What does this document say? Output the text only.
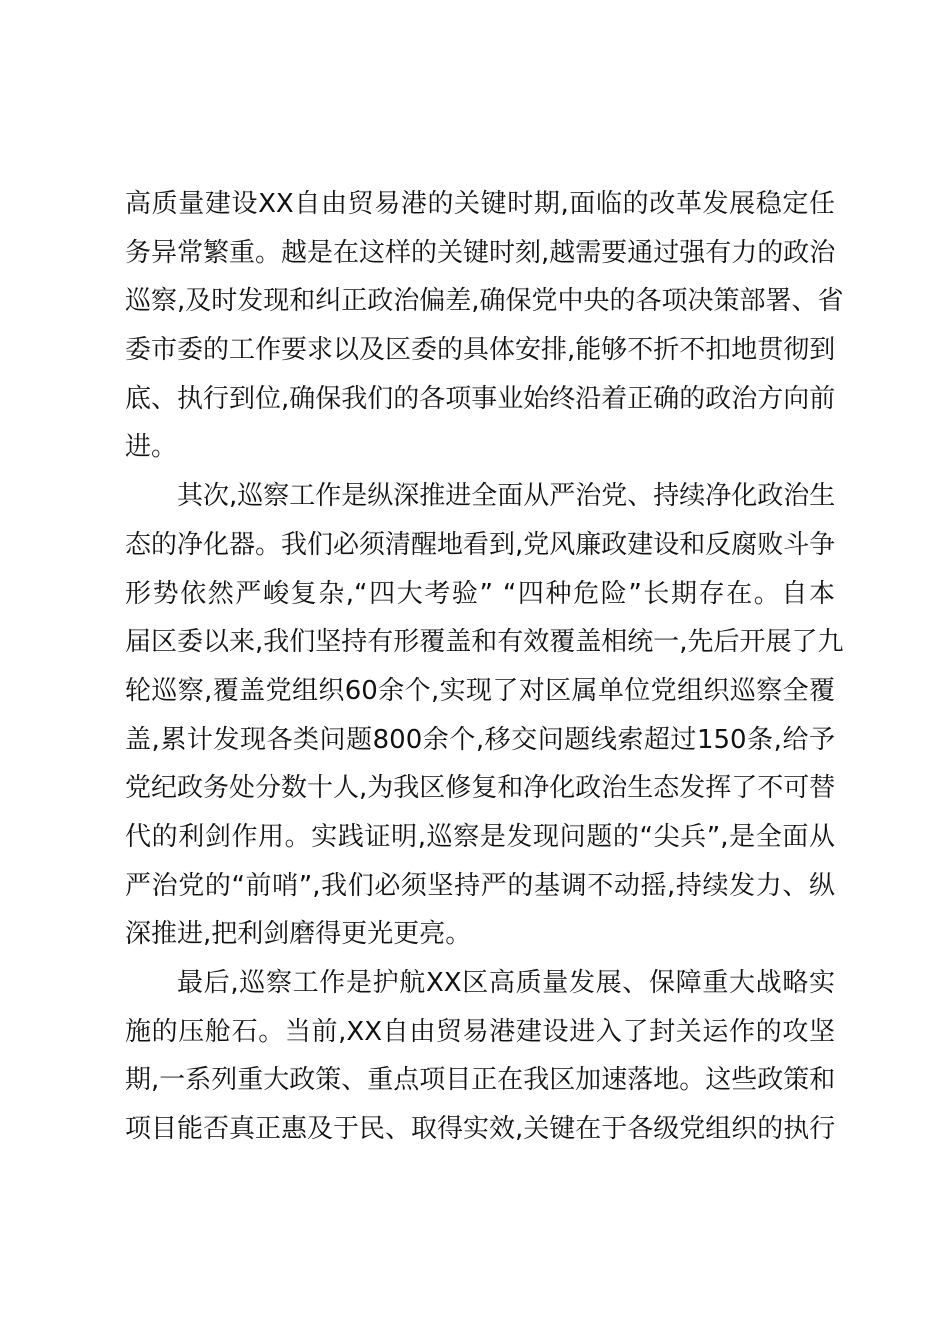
高质量建设XX自由贸易港的关键时期,面临的改革发展稳定任
务异常繁重。越是在这样的关键时刻,越需要通过强有力的政治
巡察,及时发现和纠正政治偏差,确保党中央的各项决策部署、省
委市委的工作要求以及区委的具体安排,能够不折不扣地贯彻到
底、执行到位,确保我们的各项事业始终沿着正确的政治方向前
进。
其次,巡察工作是纵深推进全面从严治党、持续净化政治生
态的净化器。我们必须清醒地看到,党风廉政建设和反腐败斗争
形势依然严峻复杂,“四大考验” “四种危险”长期存在。自本
届区委以来,我们坚持有形覆盖和有效覆盖相统一,先后开展了九
轮巡察,覆盖党组织60余个,实现了对区属单位党组织巡察全覆
盖,累计发现各类问题800余个,移交问题线索超过150条,给予
党纪政务处分数十人,为我区修复和净化政治生态发挥了不可替
代的利剑作用。实践证明,巡察是发现问题的“尖兵”,是全面从
严治党的“前哨”,我们必须坚持严的基调不动摇,持续发力、纵
深推进,把利剑磨得更光更亮。
最后,巡察工作是护航XX区高质量发展、保障重大战略实
施的压舱石。当前,XX自由贸易港建设进入了封关运作的攻坚
期,一系列重大政策、重点项目正在我区加速落地。这些政策和
项目能否真正惠及于民、取得实效,关键在于各级党组织的执行
